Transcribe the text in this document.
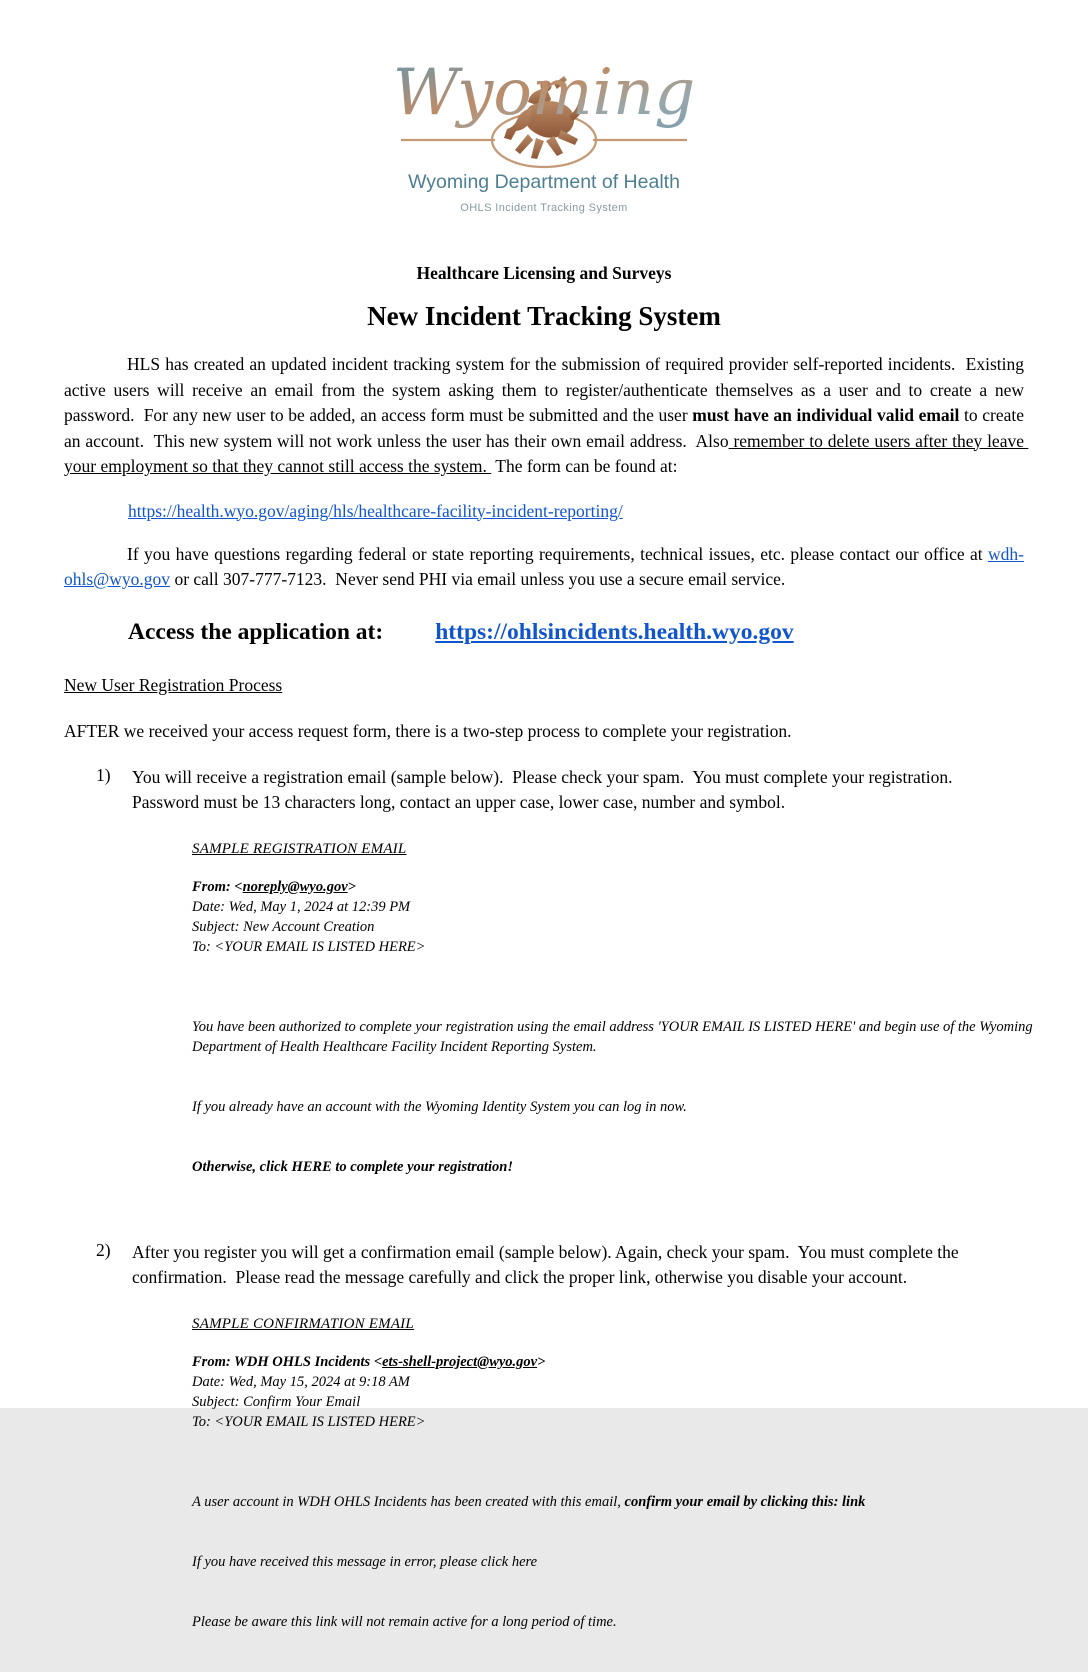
Wyoming
Wyoming Department of Health
OHLS Incident Tracking System
Healthcare Licensing and Surveys
New Incident Tracking System

HLS has created an updated incident tracking system for the submission of required provider self-reported incidents.  Existing active users will receive an email from the system asking them to register/authenticate themselves as a user and to create a new password.  For any new user to be added, an access form must be submitted and the user must have an individual valid email to create an account.  This new system will not work unless the user has their own email address.  Also remember to delete users after they leave your employment so that they cannot still access the system.  The form can be found at:

https://health.wyo.gov/aging/hls/healthcare-facility-incident-reporting/

If you have questions regarding federal or state reporting requirements, technical issues, etc. please contact our office at wdh-ohls@wyo.gov or call 307-777-7123.  Never send PHI via email unless you use a secure email service.

Access the application at: https://ohlsincidents.health.wyo.gov
New User Registration Process

AFTER we received your access request form, there is a two-step process to complete your registration.

1)	You will receive a registration email (sample below).  Please check your spam.  You must complete your registration.  Password must be 13 characters long, contact an upper case, lower case, number and symbol.
SAMPLE REGISTRATION EMAIL
From: <noreply@wyo.gov>
Date: Wed, May 1, 2024 at 12:39 PM
Subject: New Account Creation
To: <YOUR EMAIL IS LISTED HERE>

You have been authorized to complete your registration using the email address 'YOUR EMAIL IS LISTED HERE' and begin use of the Wyoming Department of Health Healthcare Facility Incident Reporting System.

If you already have an account with the Wyoming Identity System you can log in now.

Otherwise, click HERE to complete your registration!

2)	After you register you will get a confirmation email (sample below). Again, check your spam.  You must complete the confirmation.  Please read the message carefully and click the proper link, otherwise you disable your account.
SAMPLE CONFIRMATION EMAIL
From: WDH OHLS Incidents <ets-shell-project@wyo.gov>
Date: Wed, May 15, 2024 at 9:18 AM
Subject: Confirm Your Email
To: <YOUR EMAIL IS LISTED HERE>

A user account in WDH OHLS Incidents has been created with this email, confirm your email by clicking this: link

If you have received this message in error, please click here

Please be aware this link will not remain active for a long period of time.
